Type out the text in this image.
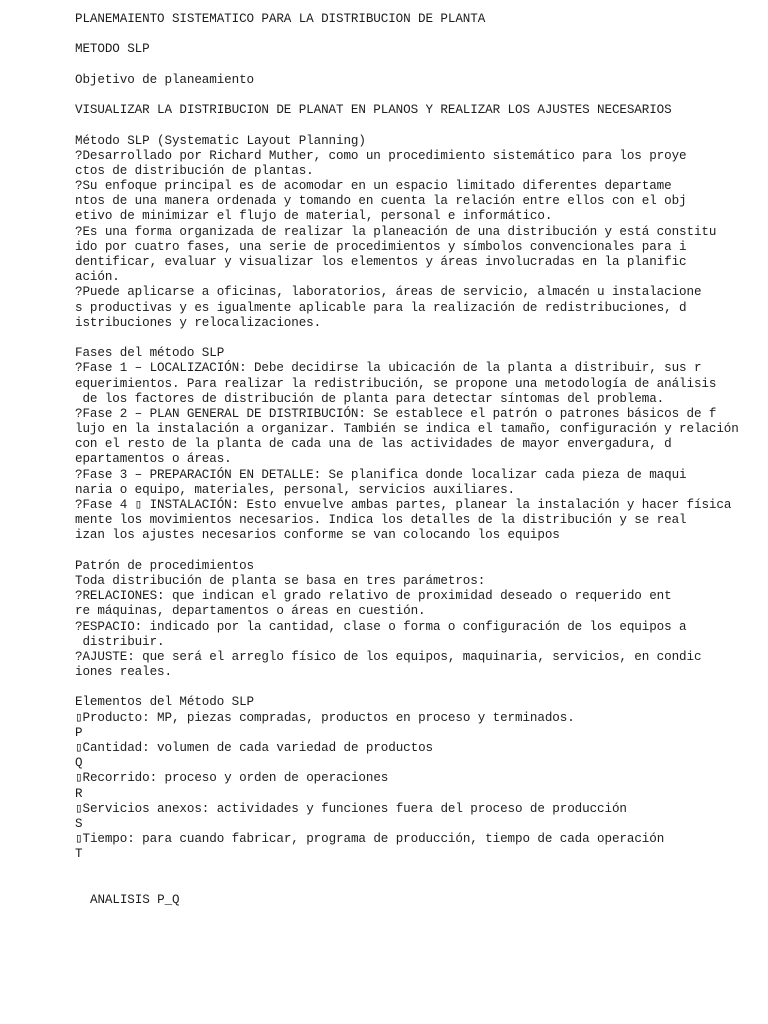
PLANEMAIENTO SISTEMATICO PARA LA DISTRIBUCION DE PLANTA
METODO SLP
Objetivo de planeamiento
VISUALIZAR LA DISTRIBUCION DE PLANAT EN PLANOS Y REALIZAR LOS AJUSTES NECESARIOS
Método SLP (Systematic Layout Planning)
?Desarrollado por Richard Muther, como un procedimiento sistemático para los proye
ctos de distribución de plantas.
?Su enfoque principal es de acomodar en un espacio limitado diferentes departame
ntos de una manera ordenada y tomando en cuenta la relación entre ellos con el obj
etivo de minimizar el flujo de material, personal e informático.
?Es una forma organizada de realizar la planeación de una distribución y está constitu
ido por cuatro fases, una serie de procedimientos y símbolos convencionales para i
dentificar, evaluar y visualizar los elementos y áreas involucradas en la planific
ación.
?Puede aplicarse a oficinas, laboratorios, áreas de servicio, almacén u instalacione
s productivas y es igualmente aplicable para la realización de redistribuciones, d
istribuciones y relocalizaciones.
Fases del método SLP
?Fase 1 – LOCALIZACIÓN: Debe decidirse la ubicación de la planta a distribuir, sus r
equerimientos. Para realizar la redistribución, se propone una metodología de análisis
de los factores de distribución de planta para detectar síntomas del problema.
?Fase 2 – PLAN GENERAL DE DISTRIBUCIÓN: Se establece el patrón o patrones básicos de f
lujo en la instalación a organizar. También se indica el tamaño, configuración y relación
con el resto de la planta de cada una de las actividades de mayor envergadura, d
epartamentos o áreas.
?Fase 3 – PREPARACIÓN EN DETALLE: Se planifica donde localizar cada pieza de maqui
naria o equipo, materiales, personal, servicios auxiliares.
?Fase 4 ▯ INSTALACIÓN: Esto envuelve ambas partes, planear la instalación y hacer física
mente los movimientos necesarios. Indica los detalles de la distribución y se real
izan los ajustes necesarios conforme se van colocando los equipos
Patrón de procedimientos
Toda distribución de planta se basa en tres parámetros:
?RELACIONES: que indican el grado relativo de proximidad deseado o requerido ent
re máquinas, departamentos o áreas en cuestión.
?ESPACIO: indicado por la cantidad, clase o forma o configuración de los equipos a
distribuir.
?AJUSTE: que será el arreglo físico de los equipos, maquinaria, servicios, en condic
iones reales.
Elementos del Método SLP
▯Producto: MP, piezas compradas, productos en proceso y terminados.
P
▯Cantidad: volumen de cada variedad de productos
Q
▯Recorrido: proceso y orden de operaciones
R
▯Servicios anexos: actividades y funciones fuera del proceso de producción
S
▯Tiempo: para cuando fabricar, programa de producción, tiempo de cada operación
T
ANALISIS P_Q
